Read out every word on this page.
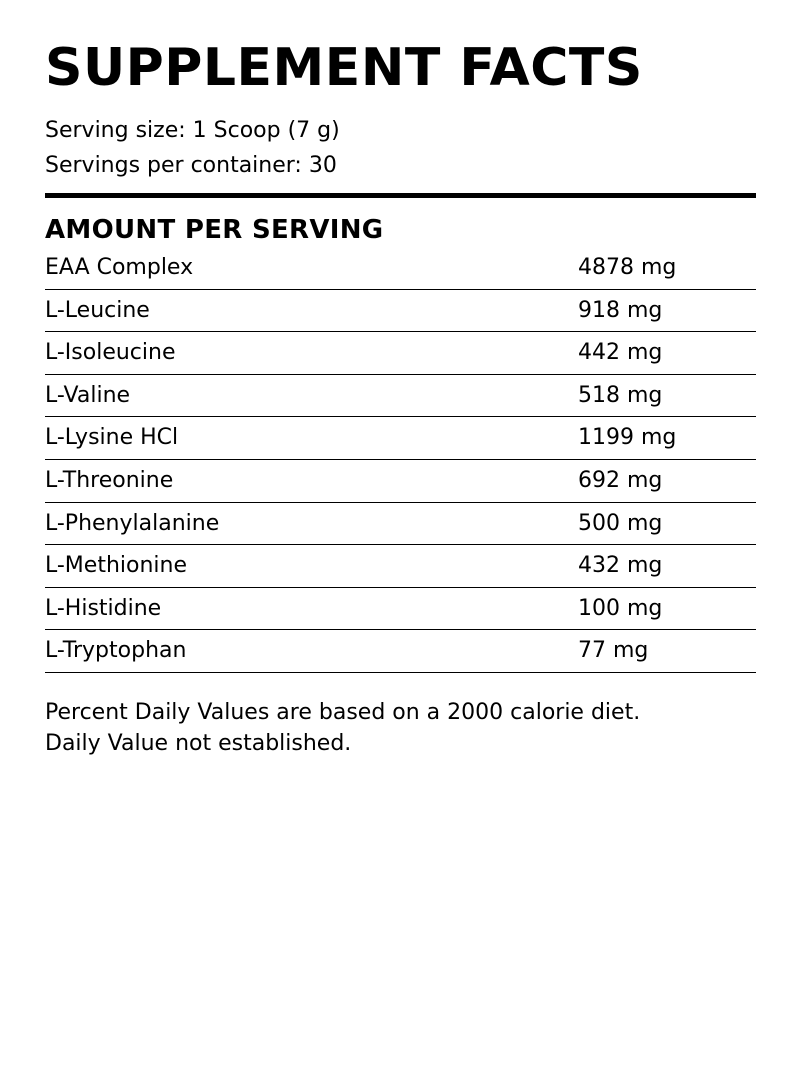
SUPPLEMENT FACTS
Serving size: 1 Scoop (7 g)
Servings per container: 30
AMOUNT PER SERVING
EAA Complex	4878 mg
L-Leucine	918 mg
L-Isoleucine	442 mg
L-Valine	518 mg
L-Lysine HCl	1199 mg
L-Threonine	692 mg
L-Phenylalanine	500 mg
L-Methionine	432 mg
L-Histidine	100 mg
L-Tryptophan	77 mg
Percent Daily Values are based on a 2000 calorie diet.
Daily Value not established.
